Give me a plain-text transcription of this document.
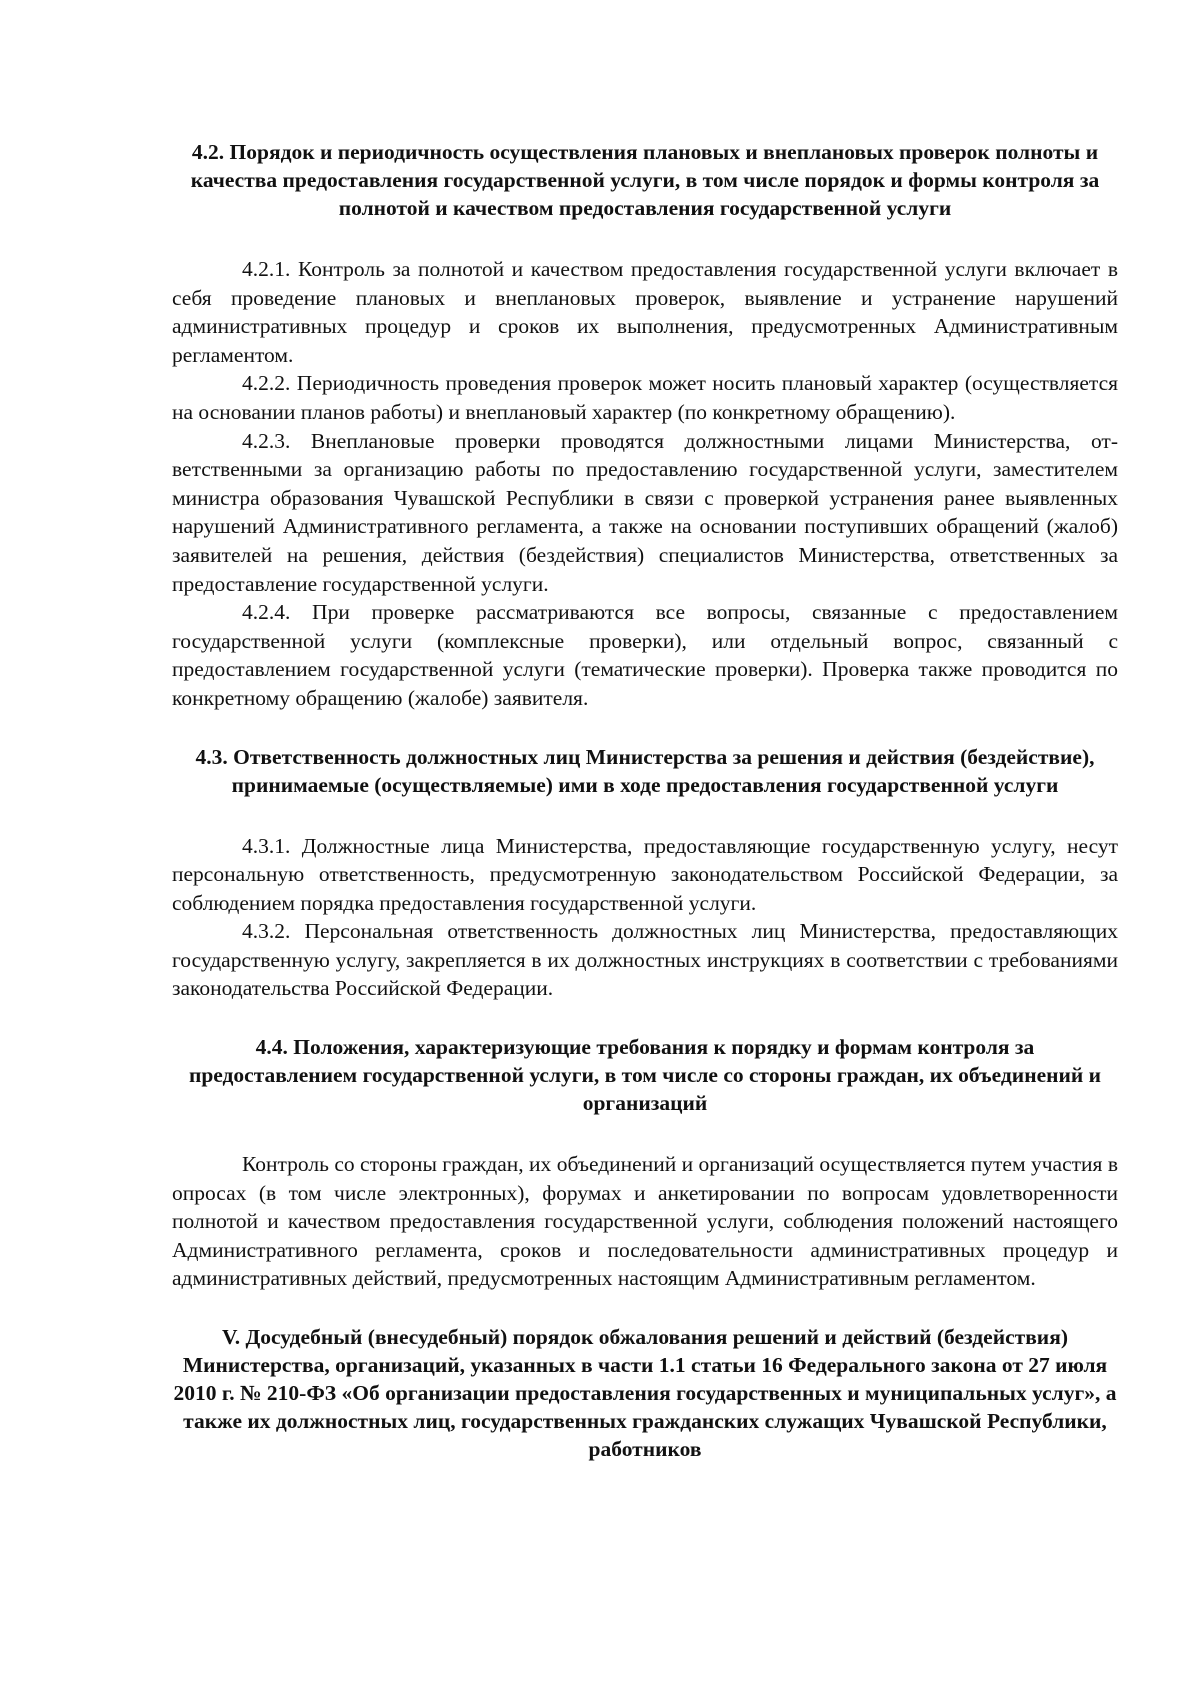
4.2. Порядок и периодичность осуществления плановых и внеплановых проверок полноты и качества предоставления государственной услуги, в том числе порядок и формы контроля за полнотой и качеством предоставления государственной услуги

4.2.1. Контроль за полнотой и качеством предоставления государственной услуги включает в себя проведение плановых и внеплановых проверок, выявление и устранение нарушений административных процедур и сроков их выполнения, предусмотренных Административным регламентом.

4.2.2. Периодичность проведения проверок может носить плановый характер (осуществляется на основании планов работы) и внеплановый характер (по конкретному обращению).

4.2.3. Внеплановые проверки проводятся должностными лицами Министерства, ответственными за организацию работы по предоставлению государственной услуги, заместителем министра образования Чувашской Республики в связи с проверкой устранения ранее выявленных нарушений Административного регламента, а также на основании поступивших обращений (жалоб) заявителей на решения, действия (бездействия) специалистов Министерства, ответственных за предоставление государственной услуги.

4.2.4. При проверке рассматриваются все вопросы, связанные с предоставлением государственной услуги (комплексные проверки), или отдельный вопрос, связанный с предоставлением государственной услуги (тематические проверки). Проверка также проводится по конкретному обращению (жалобе) заявителя.

4.3. Ответственность должностных лиц Министерства за решения и действия (бездействие), принимаемые (осуществляемые) ими в ходе предоставления государственной услуги

4.3.1. Должностные лица Министерства, предоставляющие государственную услугу, несут персональную ответственность, предусмотренную законодательством Российской Федерации, за соблюдением порядка предоставления государственной услуги.

4.3.2. Персональная ответственность должностных лиц Министерства, предоставляющих государственную услугу, закрепляется в их должностных инструкциях в соответствии с требованиями законодательства Российской Федерации.

4.4. Положения, характеризующие требования к порядку и формам контроля за предоставлением государственной услуги, в том числе со стороны граждан, их объединений и организаций

Контроль со стороны граждан, их объединений и организаций осуществляется путем участия в опросах (в том числе электронных), форумах и анкетировании по вопросам удовлетворенности полнотой и качеством предоставления государственной услуги, соблюдения положений настоящего Административного регламента, сроков и последовательности административных процедур и административных действий, предусмотренных настоящим Административным регламентом.

V. Досудебный (внесудебный) порядок обжалования решений и действий (бездействия) Министерства, организаций, указанных в части 1.1 статьи 16 Федерального закона от 27 июля 2010 г. № 210-ФЗ «Об организации предоставления государственных и муниципальных услуг», а также их должностных лиц, государственных гражданских служащих Чувашской Республики, работников
